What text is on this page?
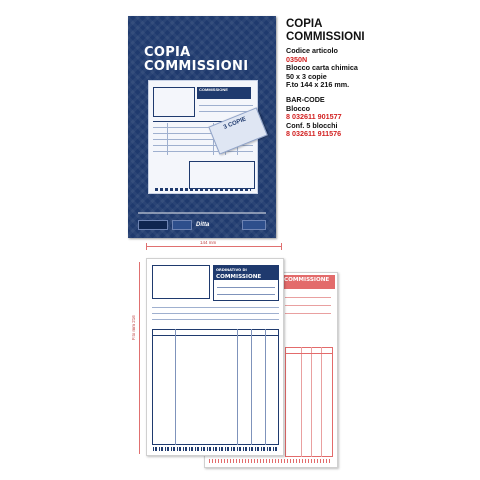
COPIA
COMMISSIONI
COMMISSIONE
3 COPIE
Ditta
COPIA
COMMISSIONI
Codice articolo
0350N
Blocco carta chimica
50 x 3 copie
F.to 144 x 216 mm.
BAR-CODE
Blocco
8 032611 901577
Conf. 5 blocchi
8 032611 911576
144 mm
F.to mm 216
COMMISSIONE
ORDINATIVO DI
COMMISSIONE
